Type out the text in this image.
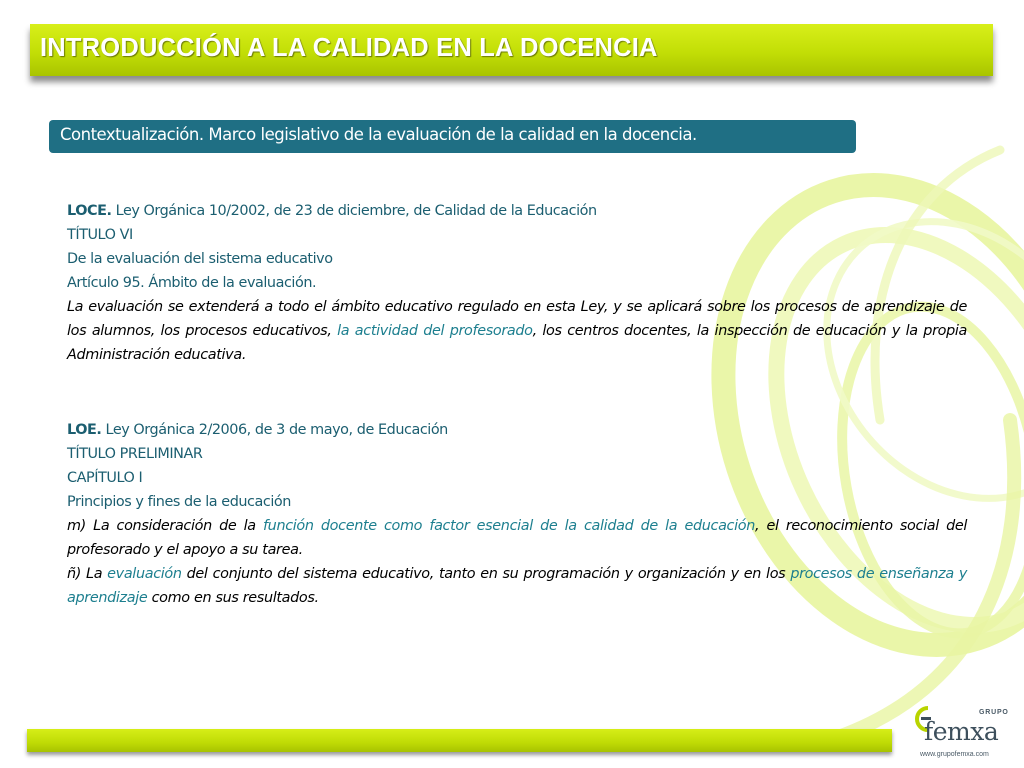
INTRODUCCIÓN A LA CALIDAD EN LA DOCENCIA
Contextualización. Marco legislativo de la evaluación de la calidad en la docencia.
LOCE. Ley Orgánica 10/2002, de 23 de diciembre, de Calidad de la Educación
TÍTULO VI
De la evaluación del sistema educativo
Artículo 95. Ámbito de la evaluación.
La evaluación se extenderá a todo el ámbito educativo regulado en esta Ley, y se aplicará sobre los procesos de aprendizaje de los alumnos, los procesos educativos, la actividad del profesorado, los centros docentes, la inspección de educación y la propia Administración educativa.
LOE. Ley Orgánica 2/2006, de 3 de mayo, de Educación
TÍTULO PRELIMINAR
CAPÍTULO I
Principios y fines de la educación
m) La consideración de la función docente como factor esencial de la calidad de la educación, el reconocimiento social del profesorado y el apoyo a su tarea.
ñ) La evaluación del conjunto del sistema educativo, tanto en su programación y organización y en los procesos de enseñanza y aprendizaje como en sus resultados.
GRUPO
femxa
www.grupofemxa.com
